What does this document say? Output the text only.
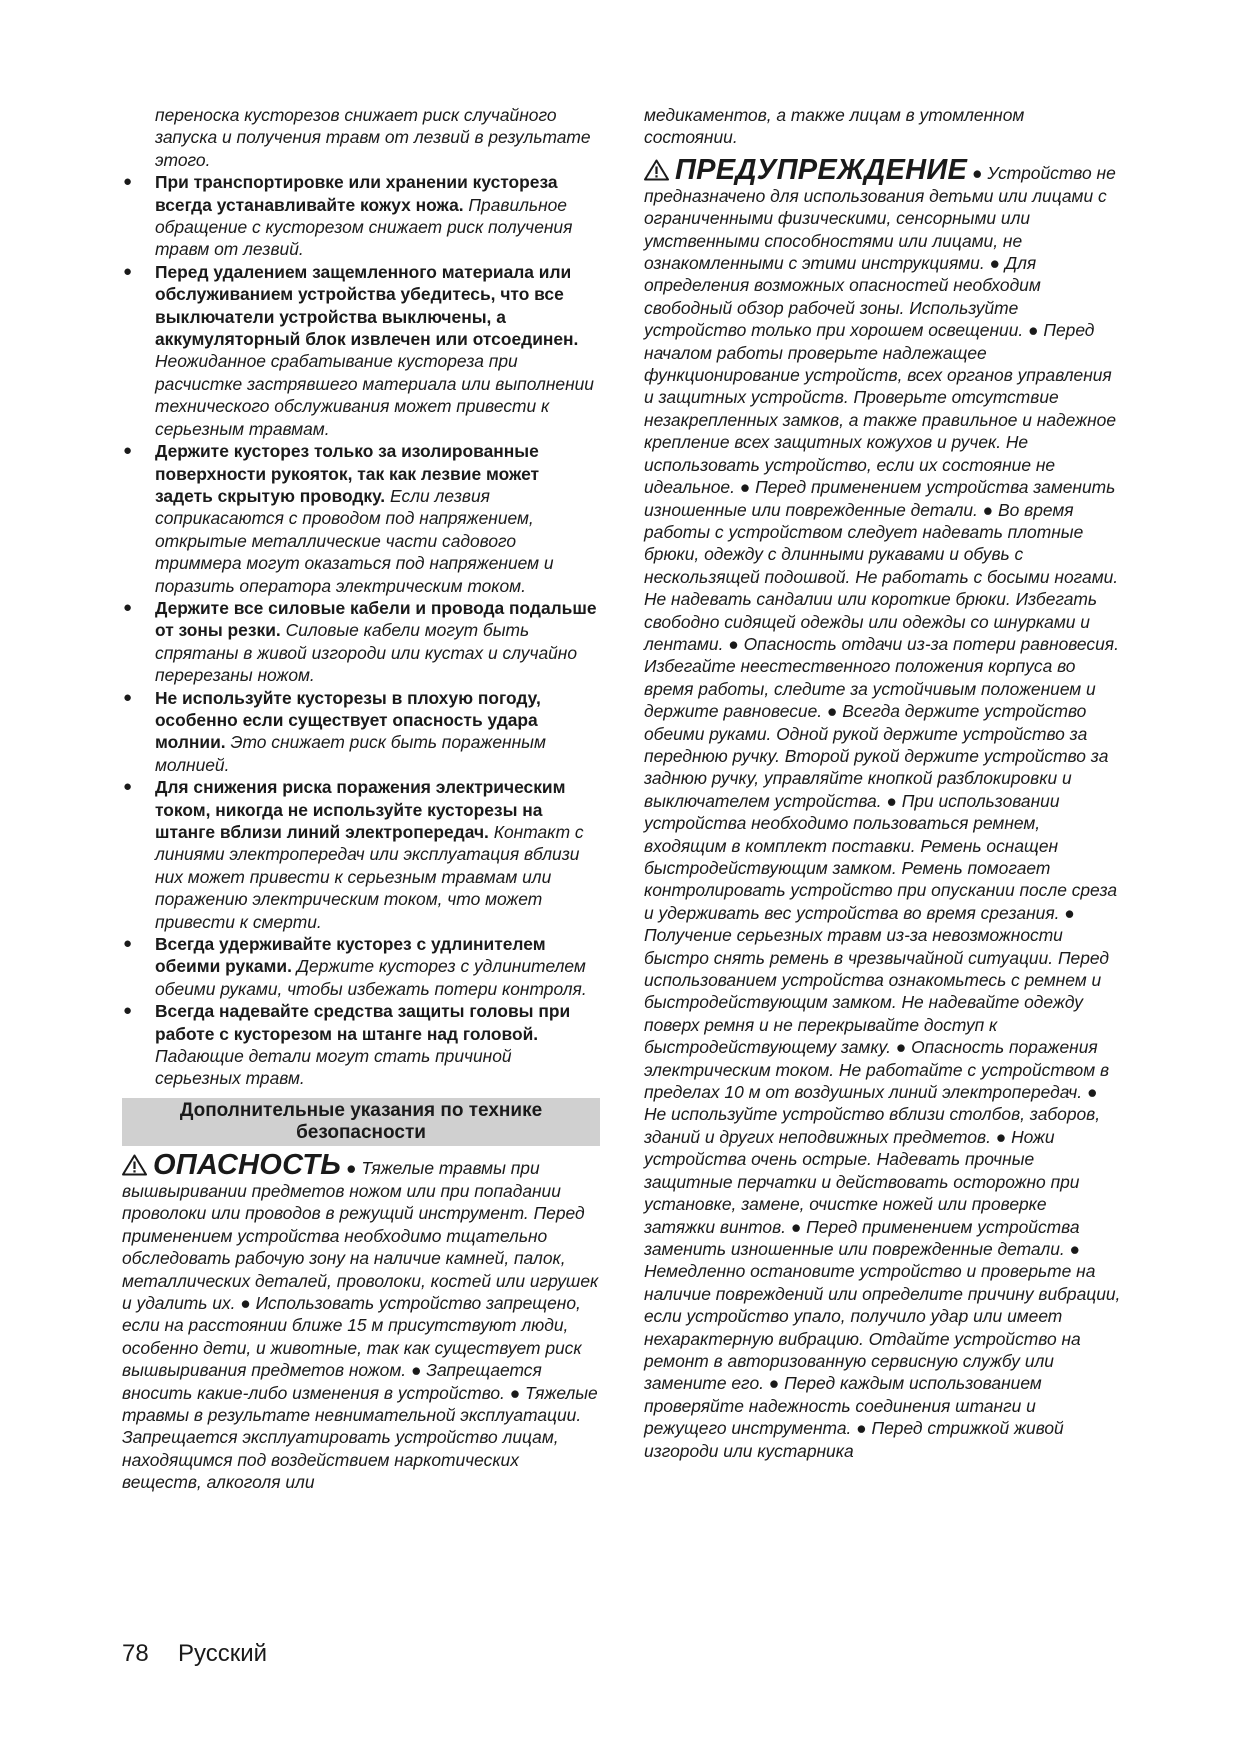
переноска кусторезов снижает риск случайного запуска и получения травм от лезвий в результате этого.

● При транспортировке или хранении кустореза всегда устанавливайте кожух ножа. Правильное обращение с кусторезом снижает риск получения травм от лезвий.
● Перед удалением защемленного материала или обслуживанием устройства убедитесь, что все выключатели устройства выключены, а аккумуляторный блок извлечен или отсоединен. Неожиданное срабатывание кустореза при расчистке застрявшего материала или выполнении технического обслуживания может привести к серьезным травмам.
● Держите кусторез только за изолированные поверхности рукояток, так как лезвие может задеть скрытую проводку. Если лезвия соприкасаются с проводом под напряжением, открытые металлические части садового триммера могут оказаться под напряжением и поразить оператора электрическим током.
● Держите все силовые кабели и провода подальше от зоны резки. Силовые кабели могут быть спрятаны в живой изгороди или кустах и случайно перерезаны ножом.
● Не используйте кусторезы в плохую погоду, особенно если существует опасность удара молнии. Это снижает риск быть пораженным молнией.
● Для снижения риска поражения электрическим током, никогда не используйте кусторезы на штанге вблизи линий электропередач. Контакт с линиями электропередач или эксплуатация вблизи них может привести к серьезным травмам или поражению электрическим током, что может привести к смерти.
● Всегда удерживайте кусторез с удлинителем обеими руками. Держите кусторез с удлинителем обеими руками, чтобы избежать потери контроля.
● Всегда надевайте средства защиты головы при работе с кусторезом на штанге над головой. Падающие детали могут стать причиной серьезных травм.
Дополнительные указания по технике безопасности

ОПАСНОСТЬ ● Тяжелые травмы при вышвыривании предметов ножом или при попадании проволоки или проводов в режущий инструмент. Перед применением устройства необходимо тщательно обследовать рабочую зону на наличие камней, палок, металлических деталей, проволоки, костей или игрушек и удалить их. ● Использовать устройство запрещено, если на расстоянии ближе 15 м присутствуют люди, особенно дети, и животные, так как существует риск вышвыривания предметов ножом. ● Запрещается вносить какие-либо изменения в устройство. ● Тяжелые травмы в результате невнимательной эксплуатации. Запрещается эксплуатировать устройство лицам, находящимся под воздействием наркотических веществ, алкоголя или

медикаментов, а также лицам в утомленном состоянии.

ПРЕДУПРЕЖДЕНИЕ ● Устройство не предназначено для использования детьми или лицами с ограниченными физическими, сенсорными или умственными способностями или лицами, не ознакомленными с этими инструкциями. ● Для определения возможных опасностей необходим свободный обзор рабочей зоны. Используйте устройство только при хорошем освещении. ● Перед началом работы проверьте надлежащее функционирование устройств, всех органов управления и защитных устройств. Проверьте отсутствие незакрепленных замков, а также правильное и надежное крепление всех защитных кожухов и ручек. Не использовать устройство, если их состояние не идеальное. ● Перед применением устройства заменить изношенные или поврежденные детали. ● Во время работы с устройством следует надевать плотные брюки, одежду с длинными рукавами и обувь с нескользящей подошвой. Не работать с босыми ногами. Не надевать сандалии или короткие брюки. Избегать свободно сидящей одежды или одежды со шнурками и лентами. ● Опасность отдачи из-за потери равновесия. Избегайте неестественного положения корпуса во время работы, следите за устойчивым положением и держите равновесие. ● Всегда держите устройство обеими руками. Одной рукой держите устройство за переднюю ручку. Второй рукой держите устройство за заднюю ручку, управляйте кнопкой разблокировки и выключателем устройства. ● При использовании устройства необходимо пользоваться ремнем, входящим в комплект поставки. Ремень оснащен быстродействующим замком. Ремень помогает контролировать устройство при опускании после среза и удерживать вес устройства во время срезания. ● Получение серьезных травм из-за невозможности быстро снять ремень в чрезвычайной ситуации. Перед использованием устройства ознакомьтесь с ремнем и быстродействующим замком. Не надевайте одежду поверх ремня и не перекрывайте доступ к быстродействующему замку. ● Опасность поражения электрическим током. Не работайте с устройством в пределах 10 м от воздушных линий электропередач. ● Не используйте устройство вблизи столбов, заборов, зданий и других неподвижных предметов. ● Ножи устройства очень острые. Надевать прочные защитные перчатки и действовать осторожно при установке, замене, очистке ножей или проверке затяжки винтов. ● Перед применением устройства заменить изношенные или поврежденные детали. ● Немедленно остановите устройство и проверьте на наличие повреждений или определите причину вибрации, если устройство упало, получило удар или имеет нехарактерную вибрацию. Отдайте устройство на ремонт в авторизованную сервисную службу или замените его. ● Перед каждым использованием проверяйте надежность соединения штанги и режущего инструмента. ● Перед стрижкой живой изгороди или кустарника

78 Русский
